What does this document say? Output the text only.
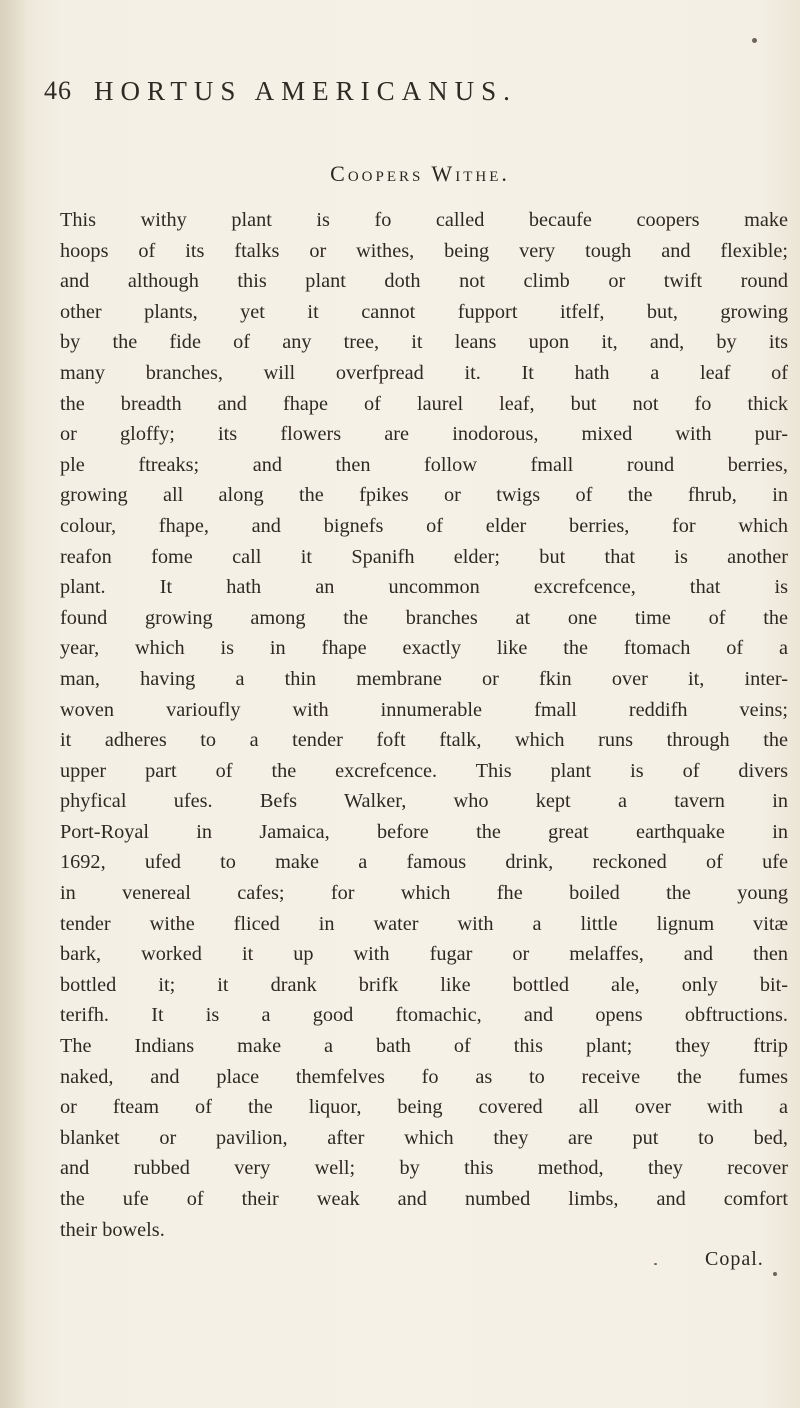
46 HORTUS AMERICANUS.
Coopers Withe.
This withy plant is fo called becaufe coopers make
hoops of its ftalks or withes, being very tough and flexible;
and although this plant doth not climb or twift round
other plants, yet it cannot fupport itfelf, but, growing
by the fide of any tree, it leans upon it, and, by its
many branches, will overfpread it. It hath a leaf of
the breadth and fhape of laurel leaf, but not fo thick
or gloffy; its flowers are inodorous, mixed with pur-
ple ftreaks; and then follow fmall round berries,
growing all along the fpikes or twigs of the fhrub, in
colour, fhape, and bignefs of elder berries, for which
reafon fome call it Spanifh elder; but that is another
plant. It hath an uncommon excrefcence, that is
found growing among the branches at one time of the
year, which is in fhape exactly like the ftomach of a
man, having a thin membrane or fkin over it, inter-
woven varioufly with innumerable fmall reddifh veins;
it adheres to a tender foft ftalk, which runs through the
upper part of the excrefcence. This plant is of divers
phyfical ufes. Befs Walker, who kept a tavern in
Port-Royal in Jamaica, before the great earthquake in
1692, ufed to make a famous drink, reckoned of ufe
in venereal cafes; for which fhe boiled the young
tender withe fliced in water with a little lignum vitæ
bark, worked it up with fugar or melaffes, and then
bottled it; it drank brifk like bottled ale, only bit-
terifh. It is a good ftomachic, and opens obftructions.
The Indians make a bath of this plant; they ftrip
naked, and place themfelves fo as to receive the fumes
or fteam of the liquor, being covered all over with a
blanket or pavilion, after which they are put to bed,
and rubbed very well; by this method, they recover
the ufe of their weak and numbed limbs, and comfort
their bowels.
Copal.
